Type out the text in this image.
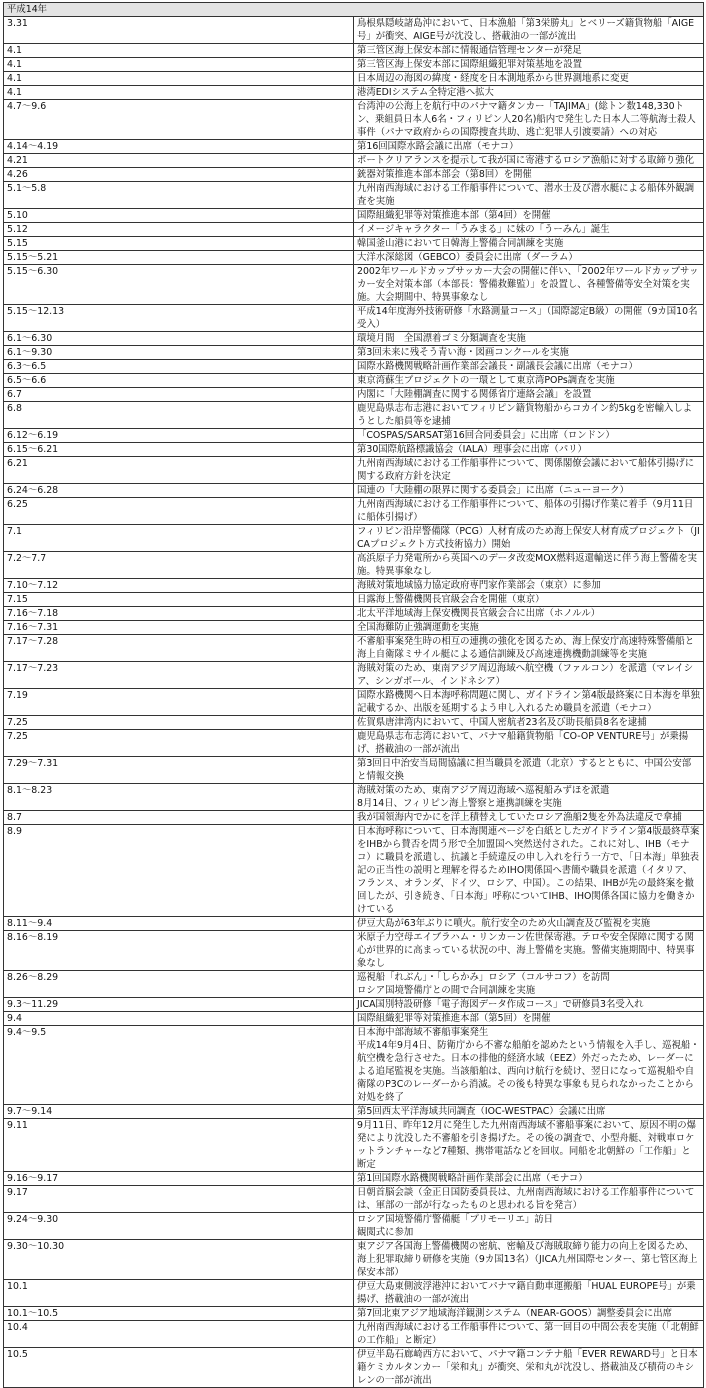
平成14年	
3.31	鳥根県隠岐諸島沖において、日本漁船「第3栄勝丸」とベリーズ籍貨物船「AIGE号」が衝突、AIGE号が沈没し、搭載油の一部が流出
4.1	第三管区海上保安本部に情報通信管理センターが発足
4.1	第三管区海上保安本部に国際組織犯罪対策基地を設置
4.1	日本周辺の海図の緯度・経度を日本測地系から世界測地系に変更
4.1	港湾EDIシステム全特定港へ拡大
4.7～9.6	台湾沖の公海上を航行中のパナマ籍タンカー「TAJIMA」(総トン数148,330トン、乗組員日本人6名・フィリピン人20名)船内で発生した日本人二等航海士殺人事件（パナマ政府からの国際捜査共助、逃亡犯罪人引渡要請）への対応
4.14～4.19	第16回国際水路会議に出席（モナコ）
4.21	ポートクリアランスを提示して我が国に寄港するロシア漁船に対する取締り強化
4.26	銃器対策推進本部本部会（第8回）を開催
5.1～5.8	九州南西海域における工作船事件について、潜水士及び潜水艇による船体外観調査を実施
5.10	国際組織犯罪等対策推進本部（第4回）を開催
5.12	イメージキャラクター「うみまる」に妹の「うーみん」誕生
5.15	韓国釜山港において日韓海上警備合同訓練を実施
5.15～5.21	大洋水深総図（GEBCO）委員会に出席（ダーラム）
5.15～6.30	2002年ワールドカップサッカー大会の開催に伴い、「2002年ワールドカップサッカー安全対策本部（本部長：警備救難監）」を設置し、各種警備等安全対策を実施。大会期間中、特異事象なし
5.15～12.13	平成14年度海外技術研修「水路測量コース」（国際認定B級）の開催（9カ国10名受入）
6.1～6.30	環境月間　全国漂着ゴミ分類調査を実施
6.1～9.30	第3回未来に残そう青い海・図画コンクールを実施
6.3～6.5	国際水路機関戦略計画作業部会議長・副議長会議に出席（モナコ）
6.5～6.6	東京湾蘇生プロジェクトの一環として東京湾POPs調査を実施
6.7	内閣に「大陸棚調査に関する関係省庁連絡会議」を設置
6.8	鹿児島県志布志港においてフィリピン籍貨物船からコカイン約5kgを密輸入しようとした船員等を逮捕
6.12～6.19	「COSPAS/SARSAT第16回合同委員会」に出席（ロンドン）
6.15～6.21	第30国際航路標識協会（IALA）理事会に出席（パリ）
6.21	九州南西海域における工作船事件について、関係閣僚会議において船体引揚げに関する政府方針を決定
6.24～6.28	国連の「大陸棚の限界に関する委員会」に出席（ニューヨーク）
6.25	九州南西海域における工作船事件について、船体の引揚げ作業に着手（9月11日に船体引揚げ）
7.1	フィリピン沿岸警備隊（PCG）人材育成のため海上保安人材育成プロジェクト（JICAプロジェクト方式技術協力）開始
7.2～7.7	高浜原子力発電所から英国へのデータ改変MOX燃料返還輸送に伴う海上警備を実施。特異事象なし
7.10～7.12	海賊対策地域協力協定政府専門家作業部会（東京）に参加
7.15	日露海上警備機関長官級会合を開催（東京）
7.16～7.18	北太平洋地域海上保安機関長官級会合に出席（ホノルル）
7.16～7.31	全国海難防止強調運動を実施
7.17～7.28	不審船事案発生時の相互の連携の強化を図るため、海上保安庁高速特殊警備船と海上自衛隊ミサイル艇による通信訓練及び高速連携機動訓練等を実施
7.17～7.23	海賊対策のため、東南アジア周辺海域へ航空機（ファルコン）を派遣（マレイシア、シンガポール、インドネシア）
7.19	国際水路機関へ日本海呼称問題に関し、ガイドライン第4版最終案に日本海を単独記載するか、出版を延期するよう申し入れるため職員を派遣（モナコ）
7.25	佐賀県唐津湾内において、中国人密航者23名及び助長船員8名を逮捕
7.25	鹿児島県志布志湾において、パナマ船籍貨物船「CO-OP VENTURE号」が乗揚げ、搭載油の一部が流出
7.29～7.31	第3回日中治安当局間協議に担当職員を派遣（北京）するとともに、中国公安部と情報交換
8.1～8.23	海賊対策のため、東南アジア周辺海域へ巡視船みずほを派遣
8月14日、フィリピン海上警察と連携訓練を実施
8.7	我が国領海内でかにを洋上積替えしていたロシア漁船2隻を外為法違反で拿捕
8.9	日本海呼称について、日本海関連ページを白紙としたガイドライン第4版最終草案をIHBから賛否を問う形で全加盟国へ突然送付された。これに対し、IHB（モナコ）に職員を派遣し、抗議と手続違反の申し入れを行う一方で、「日本海」単独表記の正当性の説明と理解を得るためIHO関係国へ書簡や職員を派遣（イタリア、フランス、オランダ、ドイツ、ロシア、中国）。この結果、IHBが先の最終案を撤回したが、引き続き、「日本海」呼称についてIHB、IHO関係各国に協力を働きかけている
8.11～9.4	伊豆大島が63年ぶりに噴火。航行安全のため火山調査及び監視を実施
8.16～8.19	米原子力空母エイブラハム・リンカーン佐世保寄港。テロや安全保障に関する関心が世界的に高まっている状況の中、海上警備を実施。警備実施期間中、特異事象なし
8.26～8.29	巡視船「れぶん」・「しらかみ」ロシア（コルサコフ）を訪問
ロシア国境警備庁との間で合同訓練を実施
9.3～11.29	JICA国別特設研修「電子海図データ作成コース」で研修員3名受入れ
9.4	国際組織犯罪等対策推進本部（第5回）を開催
9.4～9.5	日本海中部海域不審船事案発生
平成14年9月4日、防衛庁から不審な船舶を認めたという情報を入手し、巡視船・航空機を急行させた。日本の排他的経済水域（EEZ）外だったため、レーダーによる追尾監視を実施。当該船舶は、西向け航行を続け、翌日になって巡視船や自衛隊のP3Cのレーダーから消滅。その後も特異な事象も見られなかったことから対処を終了
9.7～9.14	第5回西太平洋海域共同調査（IOC-WESTPAC）会議に出席
9.11	9月11日、昨年12月に発生した九州南西海域不審船事案において、原因不明の爆発により沈没した不審船を引き揚げた。その後の調査で、小型舟艇、対戦車ロケットランチャーなど7種類、携帯電話などを回収。同船を北朝鮮の「工作船」と断定
9.16～9.17	第1回国際水路機関戦略計画作業部会に出席（モナコ）
9.17	日朝首脳会談（金正日国防委員長は、九州南西海域における工作船事件については、軍部の一部が行なったものと思われる旨を発言）
9.24～9.30	ロシア国境警備庁警備艇「プリモーリエ」訪日
観閲式に参加
9.30～10.30	東アジア各国海上警備機関の密航、密輸及び海賊取締り能力の向上を図るため、海上犯罪取締り研修を実施（9カ国13名）（JICA九州国際センター、第七管区海上保安本部）
10.1	伊豆大島東側波浮港沖においてパナマ籍自動車運搬船「HUAL EUROPE号」が乗揚げ、搭載油の一部が流出
10.1～10.5	第7回北東アジア地域海洋観測システム（NEAR-GOOS）調整委員会に出席
10.4	九州南西海域における工作船事件について、第一回目の中間公表を実施（「北朝鮮の工作船」と断定）
10.5	伊豆半島石廊崎西方において、パナマ籍コンテナ船「EVER REWARD号」と日本籍ケミカルタンカー「栄和丸」が衝突、栄和丸が沈没し、搭載油及び積荷のキシレンの一部が流出
